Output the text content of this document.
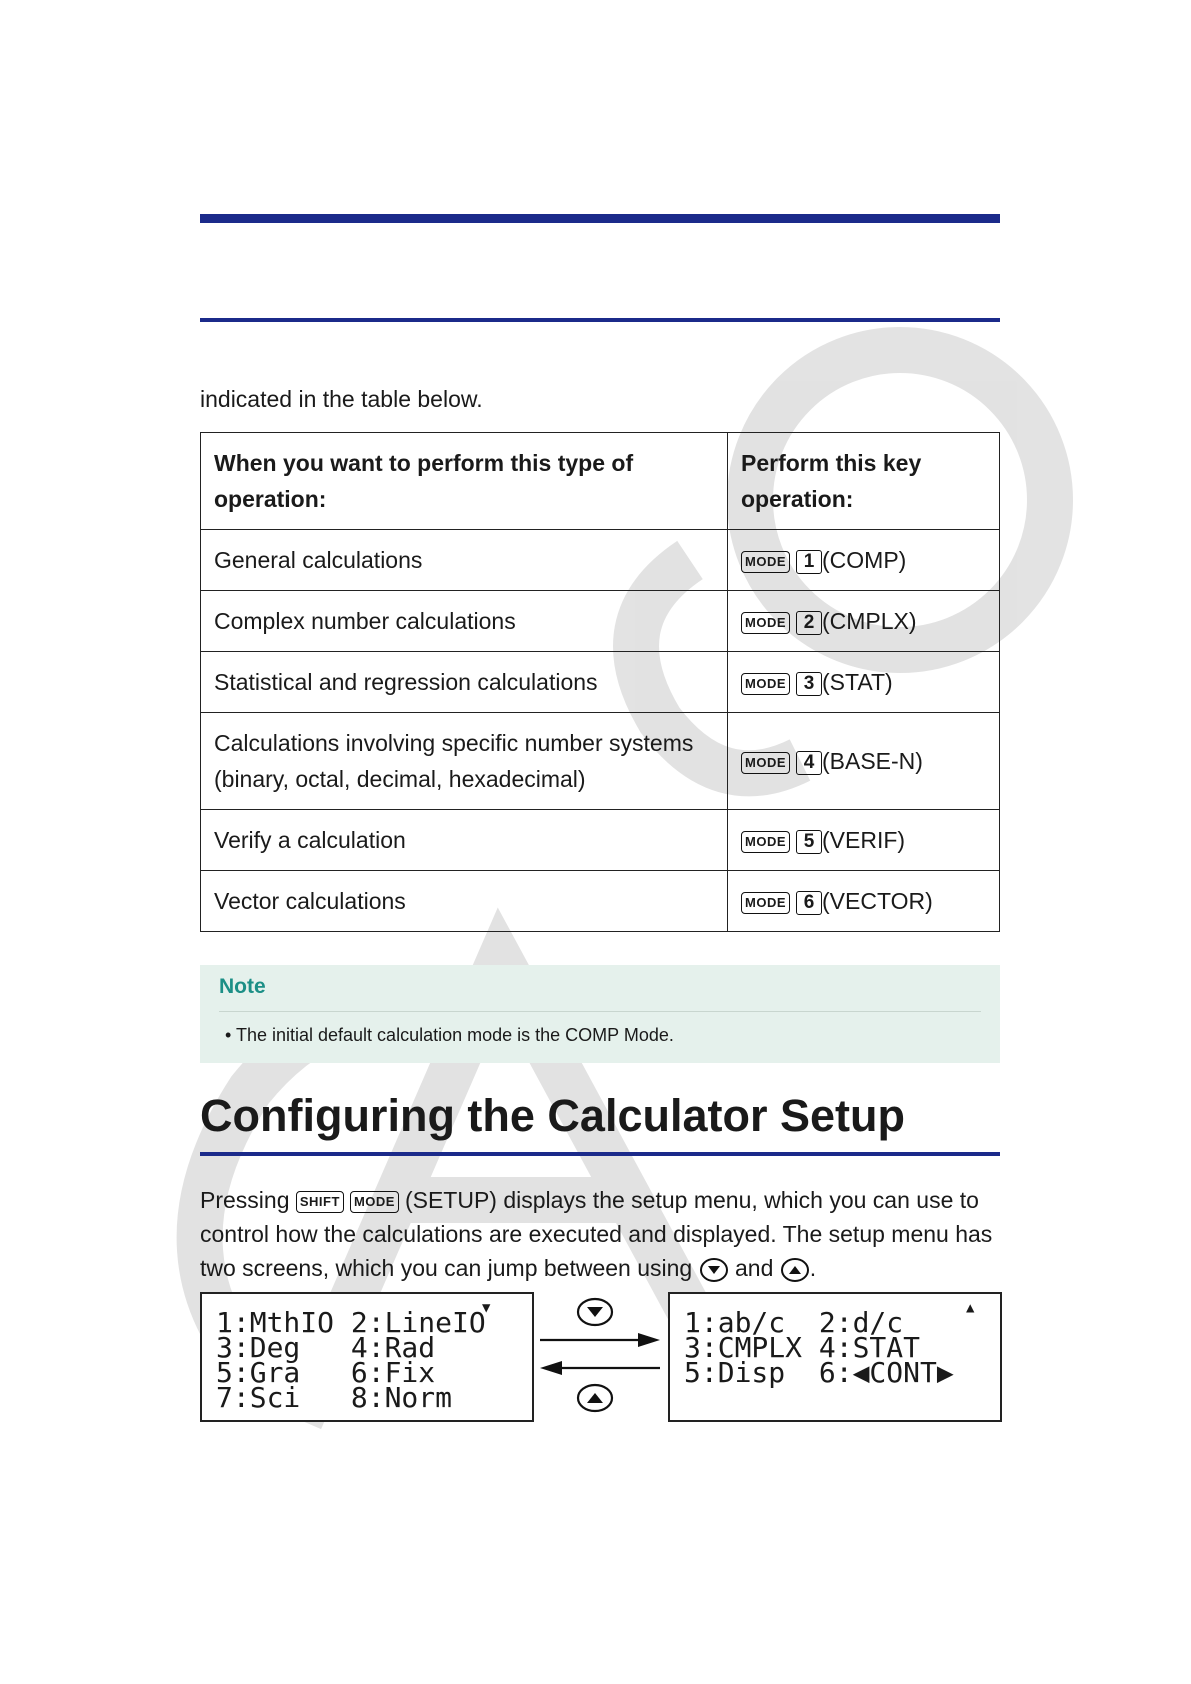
indicated in the table below.
When you want to perform this type of operation:	Perform this key operation:
General calculations	MODE 1 (COMP)
Complex number calculations	MODE 2 (CMPLX)
Statistical and regression calculations	MODE 3 (STAT)
Calculations involving specific number systems (binary, octal, decimal, hexadecimal)	MODE 4 (BASE-N)
Verify a calculation	MODE 5 (VERIF)
Vector calculations	MODE 6 (VECTOR)
Note
• The initial default calculation mode is the COMP Mode.
Configuring the Calculator Setup
Pressing SHIFT MODE (SETUP) displays the setup menu, which you can use to control how the calculations are executed and displayed. The setup menu has two screens, which you can jump between using and .
▼
1:MthIO 2:LineIO
3:Deg   4:Rad
5:Gra   6:Fix
7:Sci   8:Norm
▲
1:ab/c  2:d/c
3:CMPLX 4:STAT
5:Disp  6:◀CONT▶
